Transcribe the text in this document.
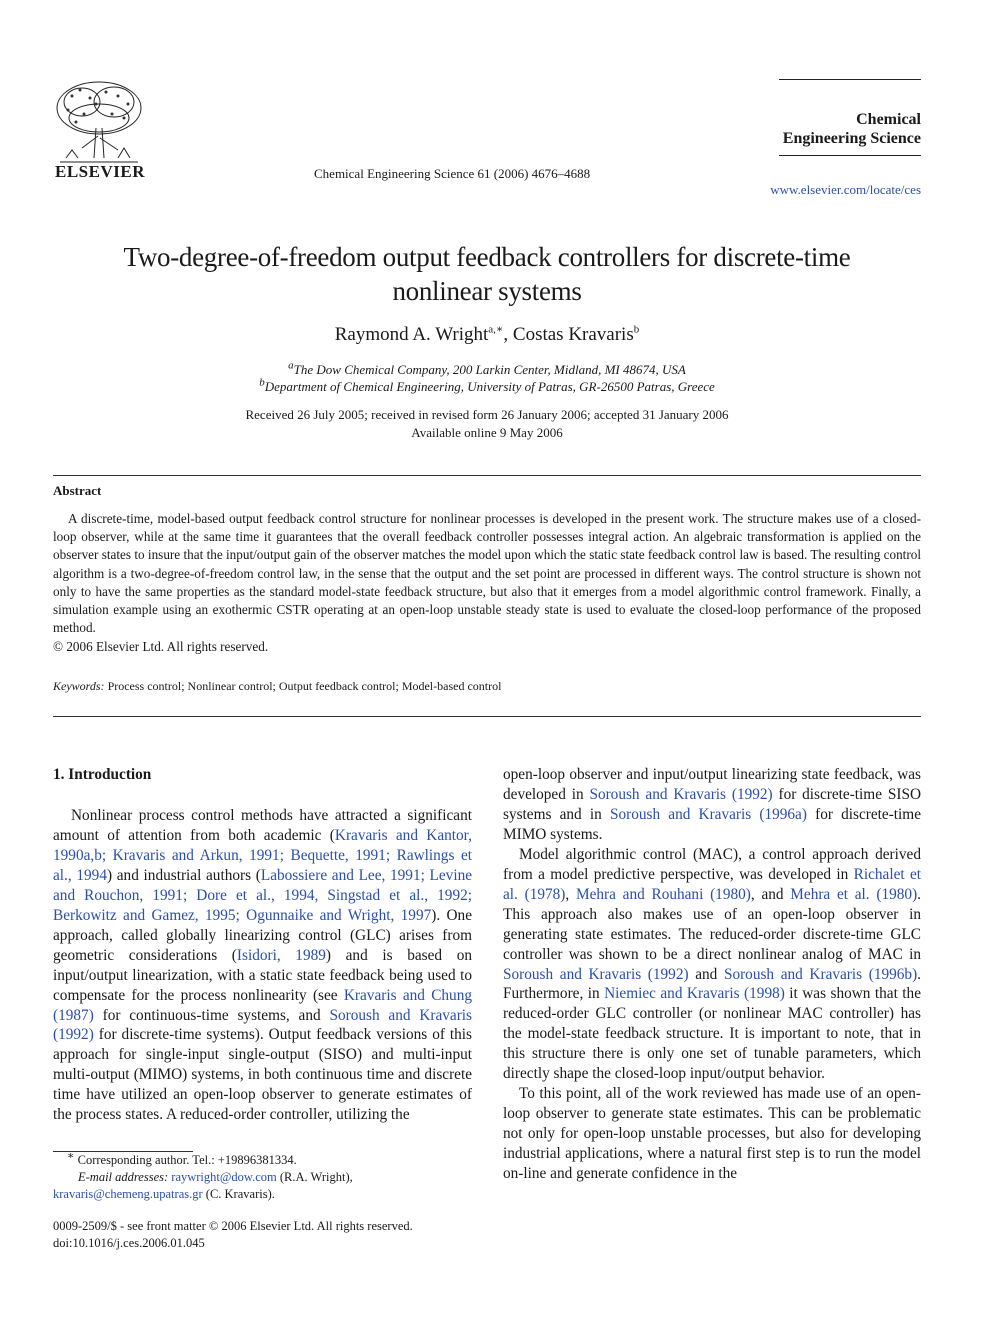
ELSEVIER	Chemical Engineering Science 61 (2006) 4676–4688
Chemical
Engineering Science
www.elsevier.com/locate/ces
Two-degree-of-freedom output feedback controllers for discrete-time
nonlinear systems
Raymond A. Wright$^{a,∗}$, Costas Kravaris$^b$
$^a$The Dow Chemical Company, 200 Larkin Center, Midland, MI 48674, USA
$^b$Department of Chemical Engineering, University of Patras, GR-26500 Patras, Greece
Received 26 July 2005; received in revised form 26 January 2006; accepted 31 January 2006
Available online 9 May 2006
Abstract
A discrete-time, model-based output feedback control structure for nonlinear processes is developed in the present work. The structure makes use of a closed-loop observer, while at the same time it guarantees that the overall feedback controller possesses integral action. An algebraic transformation is applied on the observer states to insure that the input/output gain of the observer matches the model upon which the static state feedback control law is based. The resulting control algorithm is a two-degree-of-freedom control law, in the sense that the output and the set point are processed in different ways. The control structure is shown not only to have the same properties as the standard model-state feedback structure, but also that it emerges from a model algorithmic control framework. Finally, a simulation example using an exothermic CSTR operating at an open-loop unstable steady state is used to evaluate the closed-loop performance of the proposed method.
© 2006 Elsevier Ltd. All rights reserved.
Keywords: Process control; Nonlinear control; Output feedback control; Model-based control
1. Introduction
Nonlinear process control methods have attracted a significant amount of attention from both academic (Kravaris and Kantor, 1990a,b; Kravaris and Arkun, 1991; Bequette, 1991; Rawlings et al., 1994) and industrial authors (Labossiere and Lee, 1991; Levine and Rouchon, 1991; Dore et al., 1994, Singstad et al., 1992; Berkowitz and Gamez, 1995; Ogunnaike and Wright, 1997). One approach, called globally linearizing control (GLC) arises from geometric considerations (Isidori, 1989) and is based on input/output linearization, with a static state feedback being used to compensate for the process nonlinearity (see Kravaris and Chung (1987) for continuous-time systems, and Soroush and Kravaris (1992) for discrete-time systems). Output feedback versions of this approach for single-input single-output (SISO) and multi-input multi-output (MIMO) systems, in both continuous time and discrete time have utilized an open-loop observer to generate estimates of the process states. A reduced-order controller, utilizing the

open-loop observer and input/output linearizing state feedback, was developed in Soroush and Kravaris (1992) for discrete-time SISO systems and in Soroush and Kravaris (1996a) for discrete-time MIMO systems.

Model algorithmic control (MAC), a control approach derived from a model predictive perspective, was developed in Richalet et al. (1978), Mehra and Rouhani (1980), and Mehra et al. (1980). This approach also makes use of an open-loop observer in generating state estimates. The reduced-order discrete-time GLC controller was shown to be a direct nonlinear analog of MAC in Soroush and Kravaris (1992) and Soroush and Kravaris (1996b). Furthermore, in Niemiec and Kravaris (1998) it was shown that the reduced-order GLC controller (or nonlinear MAC controller) has the model-state feedback structure. It is important to note, that in this structure there is only one set of tunable parameters, which directly shape the closed-loop input/output behavior.

To this point, all of the work reviewed has made use of an open-loop observer to generate state estimates. This can be problematic not only for open-loop unstable processes, but also for developing industrial applications, where a natural first step is to run the model on-line and generate confidence in the

∗ Corresponding author. Tel.: +19896381334.
E-mail addresses: raywright@dow.com (R.A. Wright),
kravaris@chemeng.upatras.gr (C. Kravaris).
0009-2509/$ - see front matter © 2006 Elsevier Ltd. All rights reserved.
doi:10.1016/j.ces.2006.01.045
